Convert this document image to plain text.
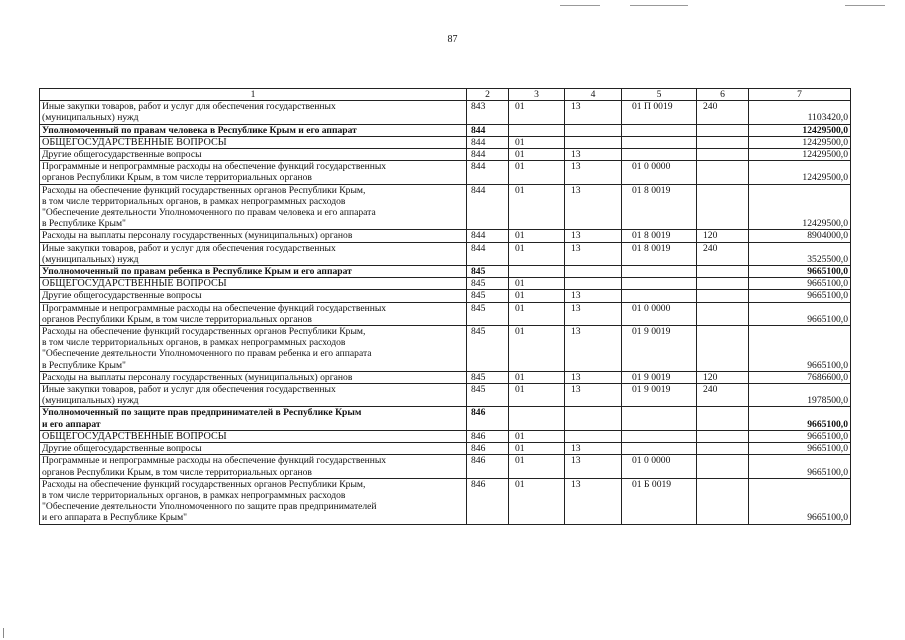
87
1	2	3	4	5	6	7
Иные закупки товаров, работ и услуг для обеспечения государственных
(муниципальных) нужд	843	01	13	01 П 0019	240	1103420,0
Уполномоченный по правам человека в Республике Крым и его аппарат	844					12429500,0
ОБЩЕГОСУДАРСТВЕННЫЕ ВОПРОСЫ	844	01				12429500,0
Другие общегосударственные вопросы	844	01	13			12429500,0
Программные и непрограммные расходы на обеспечение функций государственных
органов Республики Крым, в том числе территориальных органов	844	01	13	01 0 0000		12429500,0
Расходы на обеспечение функций государственных органов Республики Крым,
в том числе территориальных органов, в рамках непрограммных расходов
"Обеспечение деятельности Уполномоченного по правам человека и его аппарата
в Республике Крым"	844	01	13	01 8 0019		12429500,0
Расходы на выплаты персоналу государственных (муниципальных) органов	844	01	13	01 8 0019	120	8904000,0
Иные закупки товаров, работ и услуг для обеспечения государственных
(муниципальных) нужд	844	01	13	01 8 0019	240	3525500,0
Уполномоченный по правам ребенка в Республике Крым и его аппарат	845					9665100,0
ОБЩЕГОСУДАРСТВЕННЫЕ ВОПРОСЫ	845	01				9665100,0
Другие общегосударственные вопросы	845	01	13			9665100,0
Программные и непрограммные расходы на обеспечение функций государственных
органов Республики Крым, в том числе территориальных органов	845	01	13	01 0 0000		9665100,0
Расходы на обеспечение функций государственных органов Республики Крым,
в том числе территориальных органов, в рамках непрограммных расходов
"Обеспечение деятельности Уполномоченного по правам ребенка и его аппарата
в Республике Крым"	845	01	13	01 9 0019		9665100,0
Расходы на выплаты персоналу государственных (муниципальных) органов	845	01	13	01 9 0019	120	7686600,0
Иные закупки товаров, работ и услуг для обеспечения государственных
(муниципальных) нужд	845	01	13	01 9 0019	240	1978500,0
Уполномоченный по защите прав предпринимателей в Республике Крым
и его аппарат	846					9665100,0
ОБЩЕГОСУДАРСТВЕННЫЕ ВОПРОСЫ	846	01				9665100,0
Другие общегосударственные вопросы	846	01	13			9665100,0
Программные и непрограммные расходы на обеспечение функций государственных
органов Республики Крым, в том числе территориальных органов	846	01	13	01 0 0000		9665100,0
Расходы на обеспечение функций государственных органов Республики Крым,
в том числе территориальных органов, в рамках непрограммных расходов
"Обеспечение деятельности Уполномоченного по защите прав предпринимателей
и его аппарата в Республике Крым"	846	01	13	01 Б 0019		9665100,0
